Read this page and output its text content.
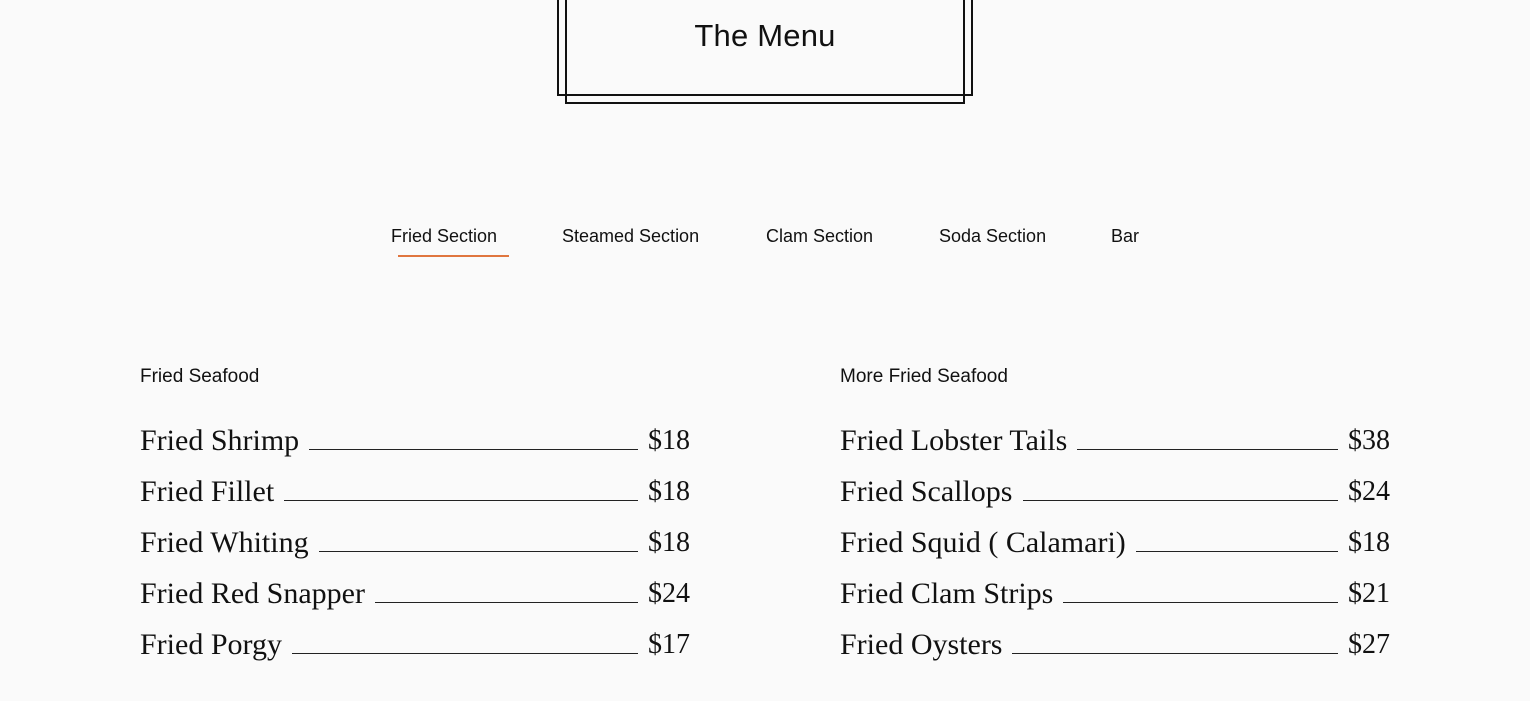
The Menu
Fried Section	Steamed Section	Clam Section	Soda Section	Bar
Fried Seafood
Fried Shrimp	$18
Fried Fillet	$18
Fried Whiting	$18
Fried Red Snapper	$24
Fried Porgy	$17
More Fried Seafood
Fried Lobster Tails	$38
Fried Scallops	$24
Fried Squid ( Calamari)	$18
Fried Clam Strips	$21
Fried Oysters	$27
